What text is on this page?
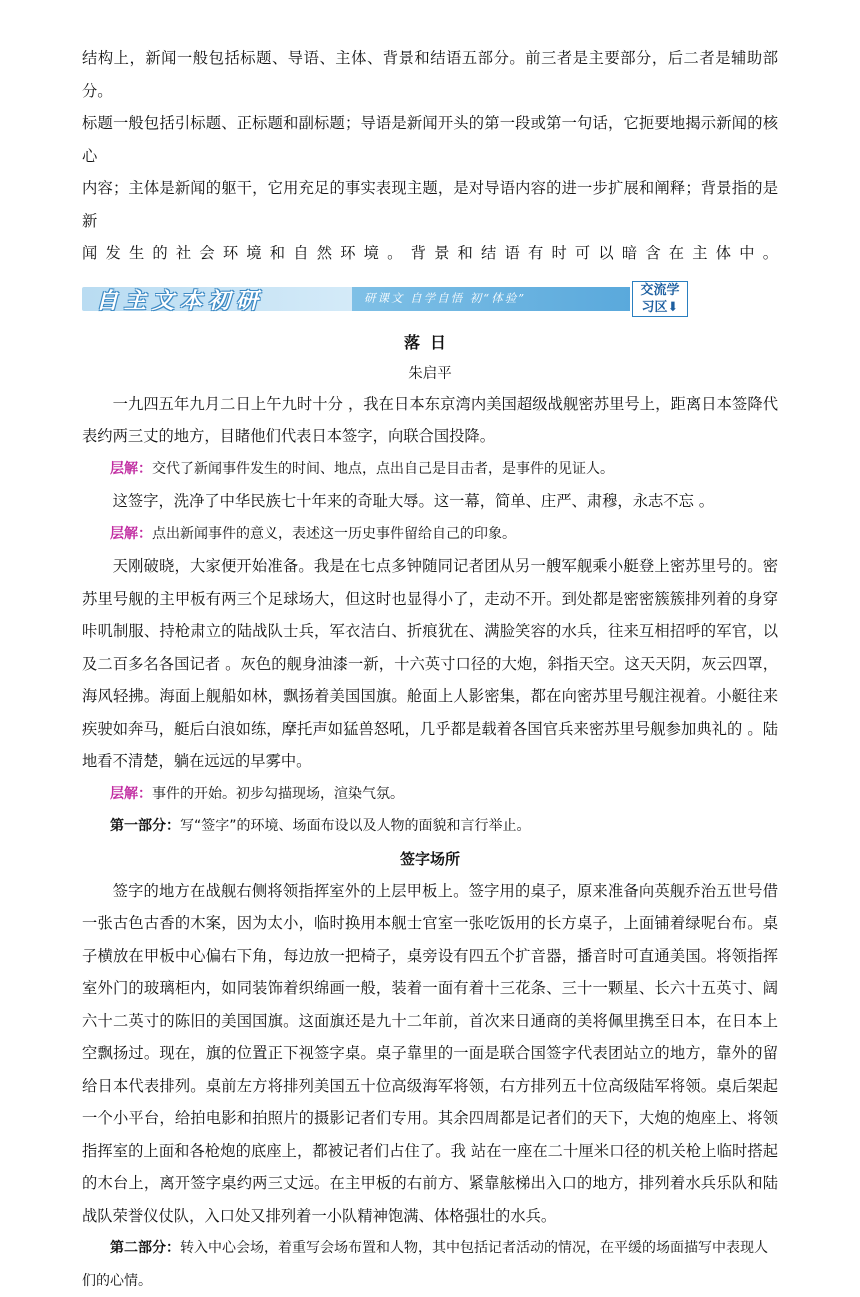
结构上，新闻一般包括标题、导语、主体、背景和结语五部分。前三者是主要部分，后二者是辅助部分。

标题一般包括引标题、正标题和副标题；导语是新闻开头的第一段或第一句话，它扼要地揭示新闻的核心

内容；主体是新闻的躯干，它用充足的事实表现主题，是对导语内容的进一步扩展和阐释；背景指的是新

闻发生的社会环境和自然环境。背景和结语有时可以暗含在主体中。

自主文本初研	研课文 自学自悟 初“体验”	交流学
习区⬇
落日
朱启平

一九四五年九月二日上午九时十分 ，我在日本东京湾内美国超级战舰密苏里号上，距离日本签降代表约两三丈的地方，目睹他们代表日本签字，向联合国投降。

层解：交代了新闻事件发生的时间、地点，点出自己是目击者，是事件的见证人。

这签字，洗净了中华民族七十年来的奇耻大辱。这一幕，简单、庄严、肃穆，永志不忘 。

层解：点出新闻事件的意义，表述这一历史事件留给自己的印象。

天刚破晓，大家便开始准备。我是在七点多钟随同记者团从另一艘军舰乘小艇登上密苏里号的。密苏里号舰的主甲板有两三个足球场大，但这时也显得小了，走动不开。到处都是密密簇簇排列着的身穿咔叽制服、持枪肃立的陆战队士兵，军衣洁白、折痕犹在、满脸笑容的水兵，往来互相招呼的军官，以及二百多名各国记者 。灰色的舰身油漆一新，十六英寸口径的大炮，斜指天空。这天天阴，灰云四罩，海风轻拂。海面上舰船如林，飘扬着美国国旗。舱面上人影密集，都在向密苏里号舰注视着。小艇往来疾驶如奔马，艇后白浪如练，摩托声如猛兽怒吼，几乎都是载着各国官兵来密苏里号舰参加典礼的 。陆地看不清楚，躺在远远的早雾中。

层解：事件的开始。初步勾描现场，渲染气氛。

第一部分：写“签字”的环境、场面布设以及人物的面貌和言行举止。

签字场所

签字的地方在战舰右侧将领指挥室外的上层甲板上。签字用的桌子，原来准备向英舰乔治五世号借一张古色古香的木案，因为太小，临时换用本舰士官室一张吃饭用的长方桌子，上面铺着绿呢台布。桌子横放在甲板中心偏右下角，每边放一把椅子，桌旁设有四五个扩音器，播音时可直通美国。将领指挥室外门的玻璃柜内，如同装饰着织绵画一般，装着一面有着十三花条、三十一颗星、长六十五英寸、阔六十二英寸的陈旧的美国国旗。这面旗还是九十二年前，首次来日通商的美将佩里携至日本，在日本上空飘扬过。现在，旗的位置正下视签字桌。桌子靠里的一面是联合国签字代表团站立的地方，靠外的留给日本代表排列。桌前左方将排列美国五十位高级海军将领，右方排列五十位高级陆军将领。桌后架起一个小平台，给拍电影和拍照片的摄影记者们专用。其余四周都是记者们的天下，大炮的炮座上、将领指挥室的上面和各枪炮的底座上，都被记者们占住了。我 站在一座在二十厘米口径的机关枪上临时搭起的木台上，离开签字桌约两三丈远。在主甲板的右前方、紧靠舷梯出入口的地方，排列着水兵乐队和陆战队荣誉仪仗队，入口处又排列着一小队精神饱满、体格强壮的水兵。

第二部分：转入中心会场，着重写会场布置和人物，其中包括记者活动的情况，在平缓的场面描写中表现人们的心情。
